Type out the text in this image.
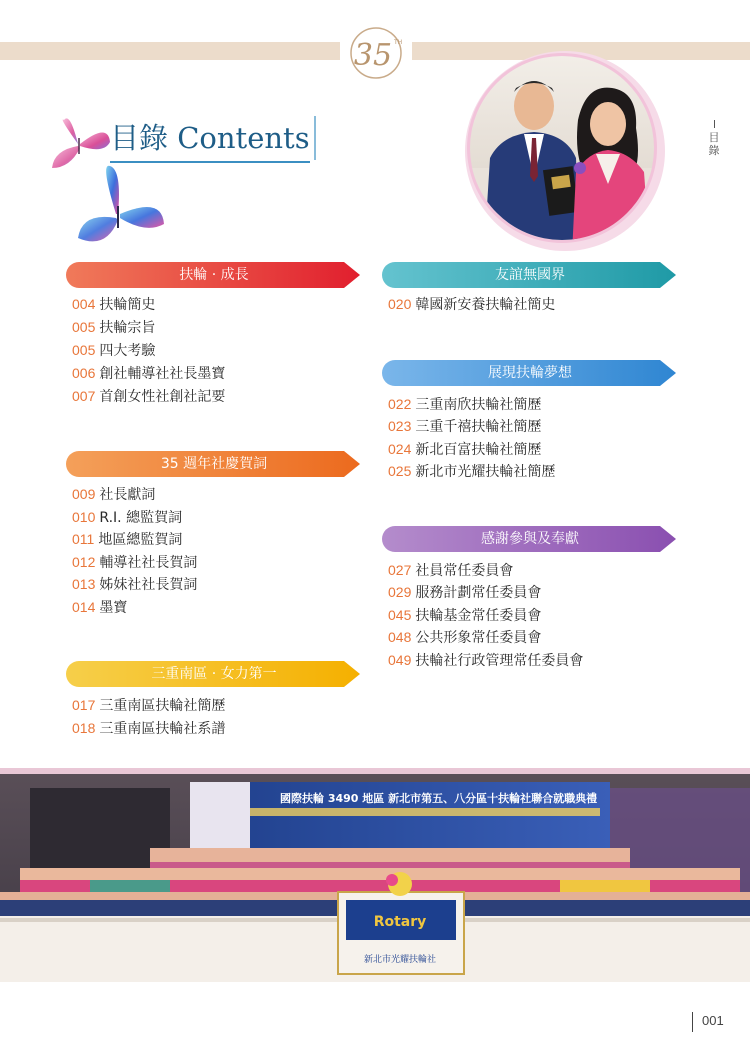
35 TH
目錄
目錄 Contents
扶輪 · 成長
004 扶輪簡史
005 扶輪宗旨
005 四大考驗
006 創社輔導社社長墨寶
007 首創女性社創社記要
35 週年社慶賀詞
009 社長獻詞
010 R.I. 總監賀詞
011 地區總監賀詞
012 輔導社社長賀詞
013 姊妹社社長賀詞
014 墨寶
三重南區 · 女力第一
017 三重南區扶輪社簡歷
018 三重南區扶輪社系譜
友誼無國界
020 韓國新安養扶輪社簡史
展現扶輪夢想
022 三重南欣扶輪社簡歷
023 三重千禧扶輪社簡歷
024 新北百富扶輪社簡歷
025 新北市光耀扶輪社簡歷
感謝參與及奉獻
027 社員常任委員會
029 服務計劃常任委員會
045 扶輪基金常任委員會
048 公共形象常任委員會
049 扶輪社行政管理常任委員會
國際扶輪 3490 地區 新北市第五、八分區十扶輪社聯合就職典禮
Rotary
新北市光耀扶輪社
001
